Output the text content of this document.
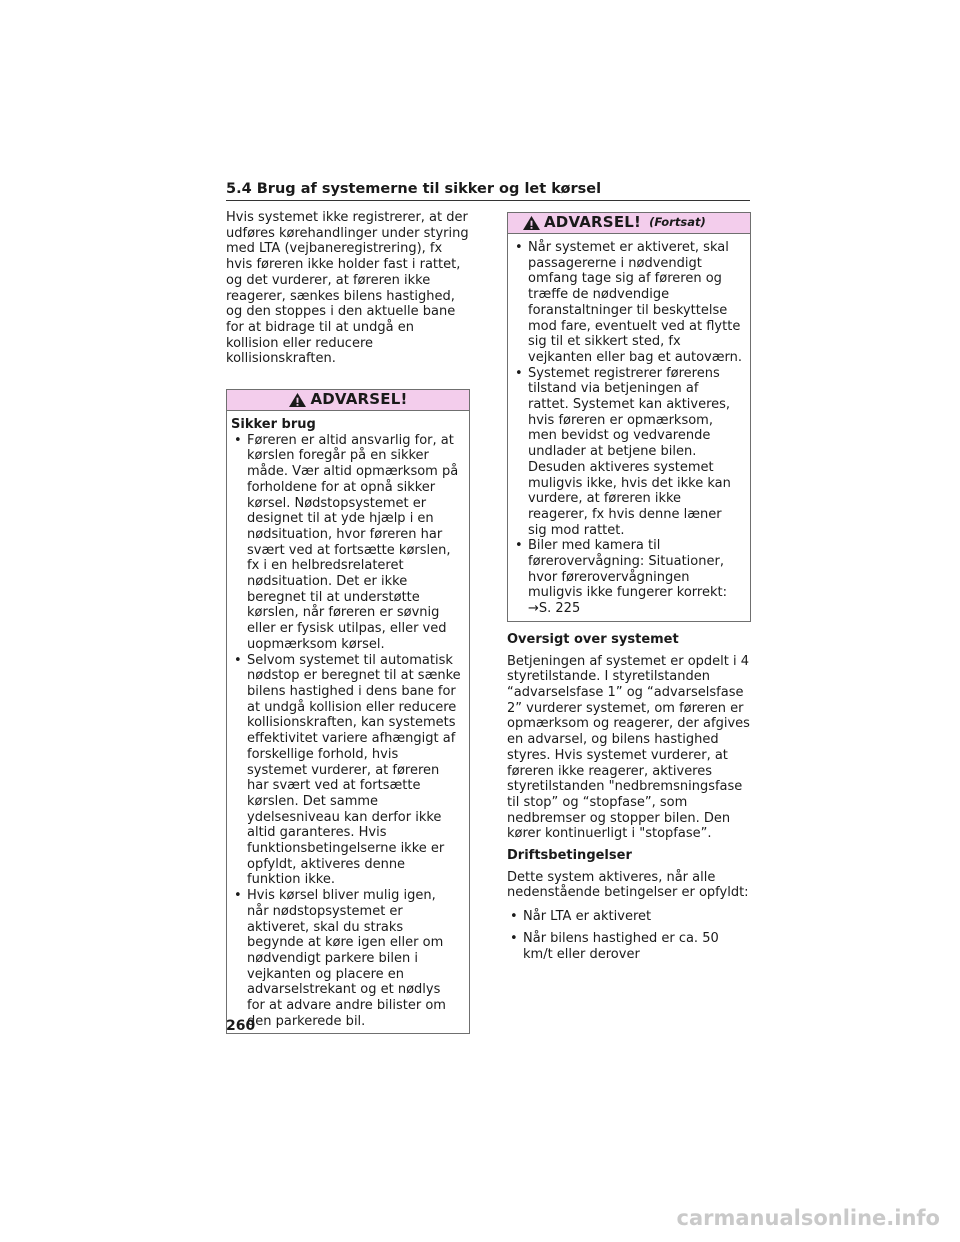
5.4 Brug af systemerne til sikker og let kørsel

Hvis systemet ikke registrerer, at der udføres kørehandlinger under styring med LTA (vejbaneregistrering), fx hvis føreren ikke holder fast i rattet, og det vurderer, at føreren ikke reagerer, sænkes bilens hastighed, og den stoppes i den aktuelle bane for at bidrage til at undgå en kollision eller reducere kollisionskraften.

ADVARSEL!
Sikker brug
• Føreren er altid ansvarlig for, at kørslen foregår på en sikker måde. Vær altid opmærksom på forholdene for at opnå sikker kørsel. Nødstopsystemet er designet til at yde hjælp i en nødsituation, hvor føreren har svært ved at fortsætte kørslen, fx i en helbredsrelateret nødsituation. Det er ikke beregnet til at understøtte kørslen, når føreren er søvnig eller er fysisk utilpas, eller ved uopmærksom kørsel.
• Selvom systemet til automatisk nødstop er beregnet til at sænke bilens hastighed i dens bane for at undgå kollision eller reducere kollisionskraften, kan systemets effektivitet variere afhængigt af forskellige forhold, hvis systemet vurderer, at føreren har svært ved at fortsætte kørslen. Det samme ydelsesniveau kan derfor ikke altid garanteres. Hvis funktionsbetingelserne ikke er opfyldt, aktiveres denne funktion ikke.
• Hvis kørsel bliver mulig igen, når nødstopsystemet er aktiveret, skal du straks begynde at køre igen eller om nødvendigt parkere bilen i vejkanten og placere en advarselstrekant og et nødlys for at advare andre bilister om den parkerede bil.
ADVARSEL! (Fortsat)
• Når systemet er aktiveret, skal passagererne i nødvendigt omfang tage sig af føreren og træffe de nødvendige foranstaltninger til beskyttelse mod fare, eventuelt ved at flytte sig til et sikkert sted, fx vejkanten eller bag et autoværn.
• Systemet registrerer førerens tilstand via betjeningen af rattet. Systemet kan aktiveres, hvis føreren er opmærksom, men bevidst og vedvarende undlader at betjene bilen. Desuden aktiveres systemet muligvis ikke, hvis det ikke kan vurdere, at føreren ikke reagerer, fx hvis denne læner sig mod rattet.
• Biler med kamera til førerovervågning: Situationer, hvor førerovervågningen muligvis ikke fungerer korrekt: →S. 225

Oversigt over systemet

Betjeningen af systemet er opdelt i 4 styretilstande. I styretilstanden “advarselsfase 1” og “advarselsfase 2” vurderer systemet, om føreren er opmærksom og reagerer, der afgives en advarsel, og bilens hastighed styres. Hvis systemet vurderer, at føreren ikke reagerer, aktiveres styretilstanden "nedbremsningsfase til stop” og “stopfase”, som nedbremser og stopper bilen. Den kører kontinuerligt i "stopfase”.

Driftsbetingelser

Dette system aktiveres, når alle nedenstående betingelser er opfyldt:

• Når LTA er aktiveret
• Når bilens hastighed er ca. 50 km/t eller derover
260
carmanualsonline.info
